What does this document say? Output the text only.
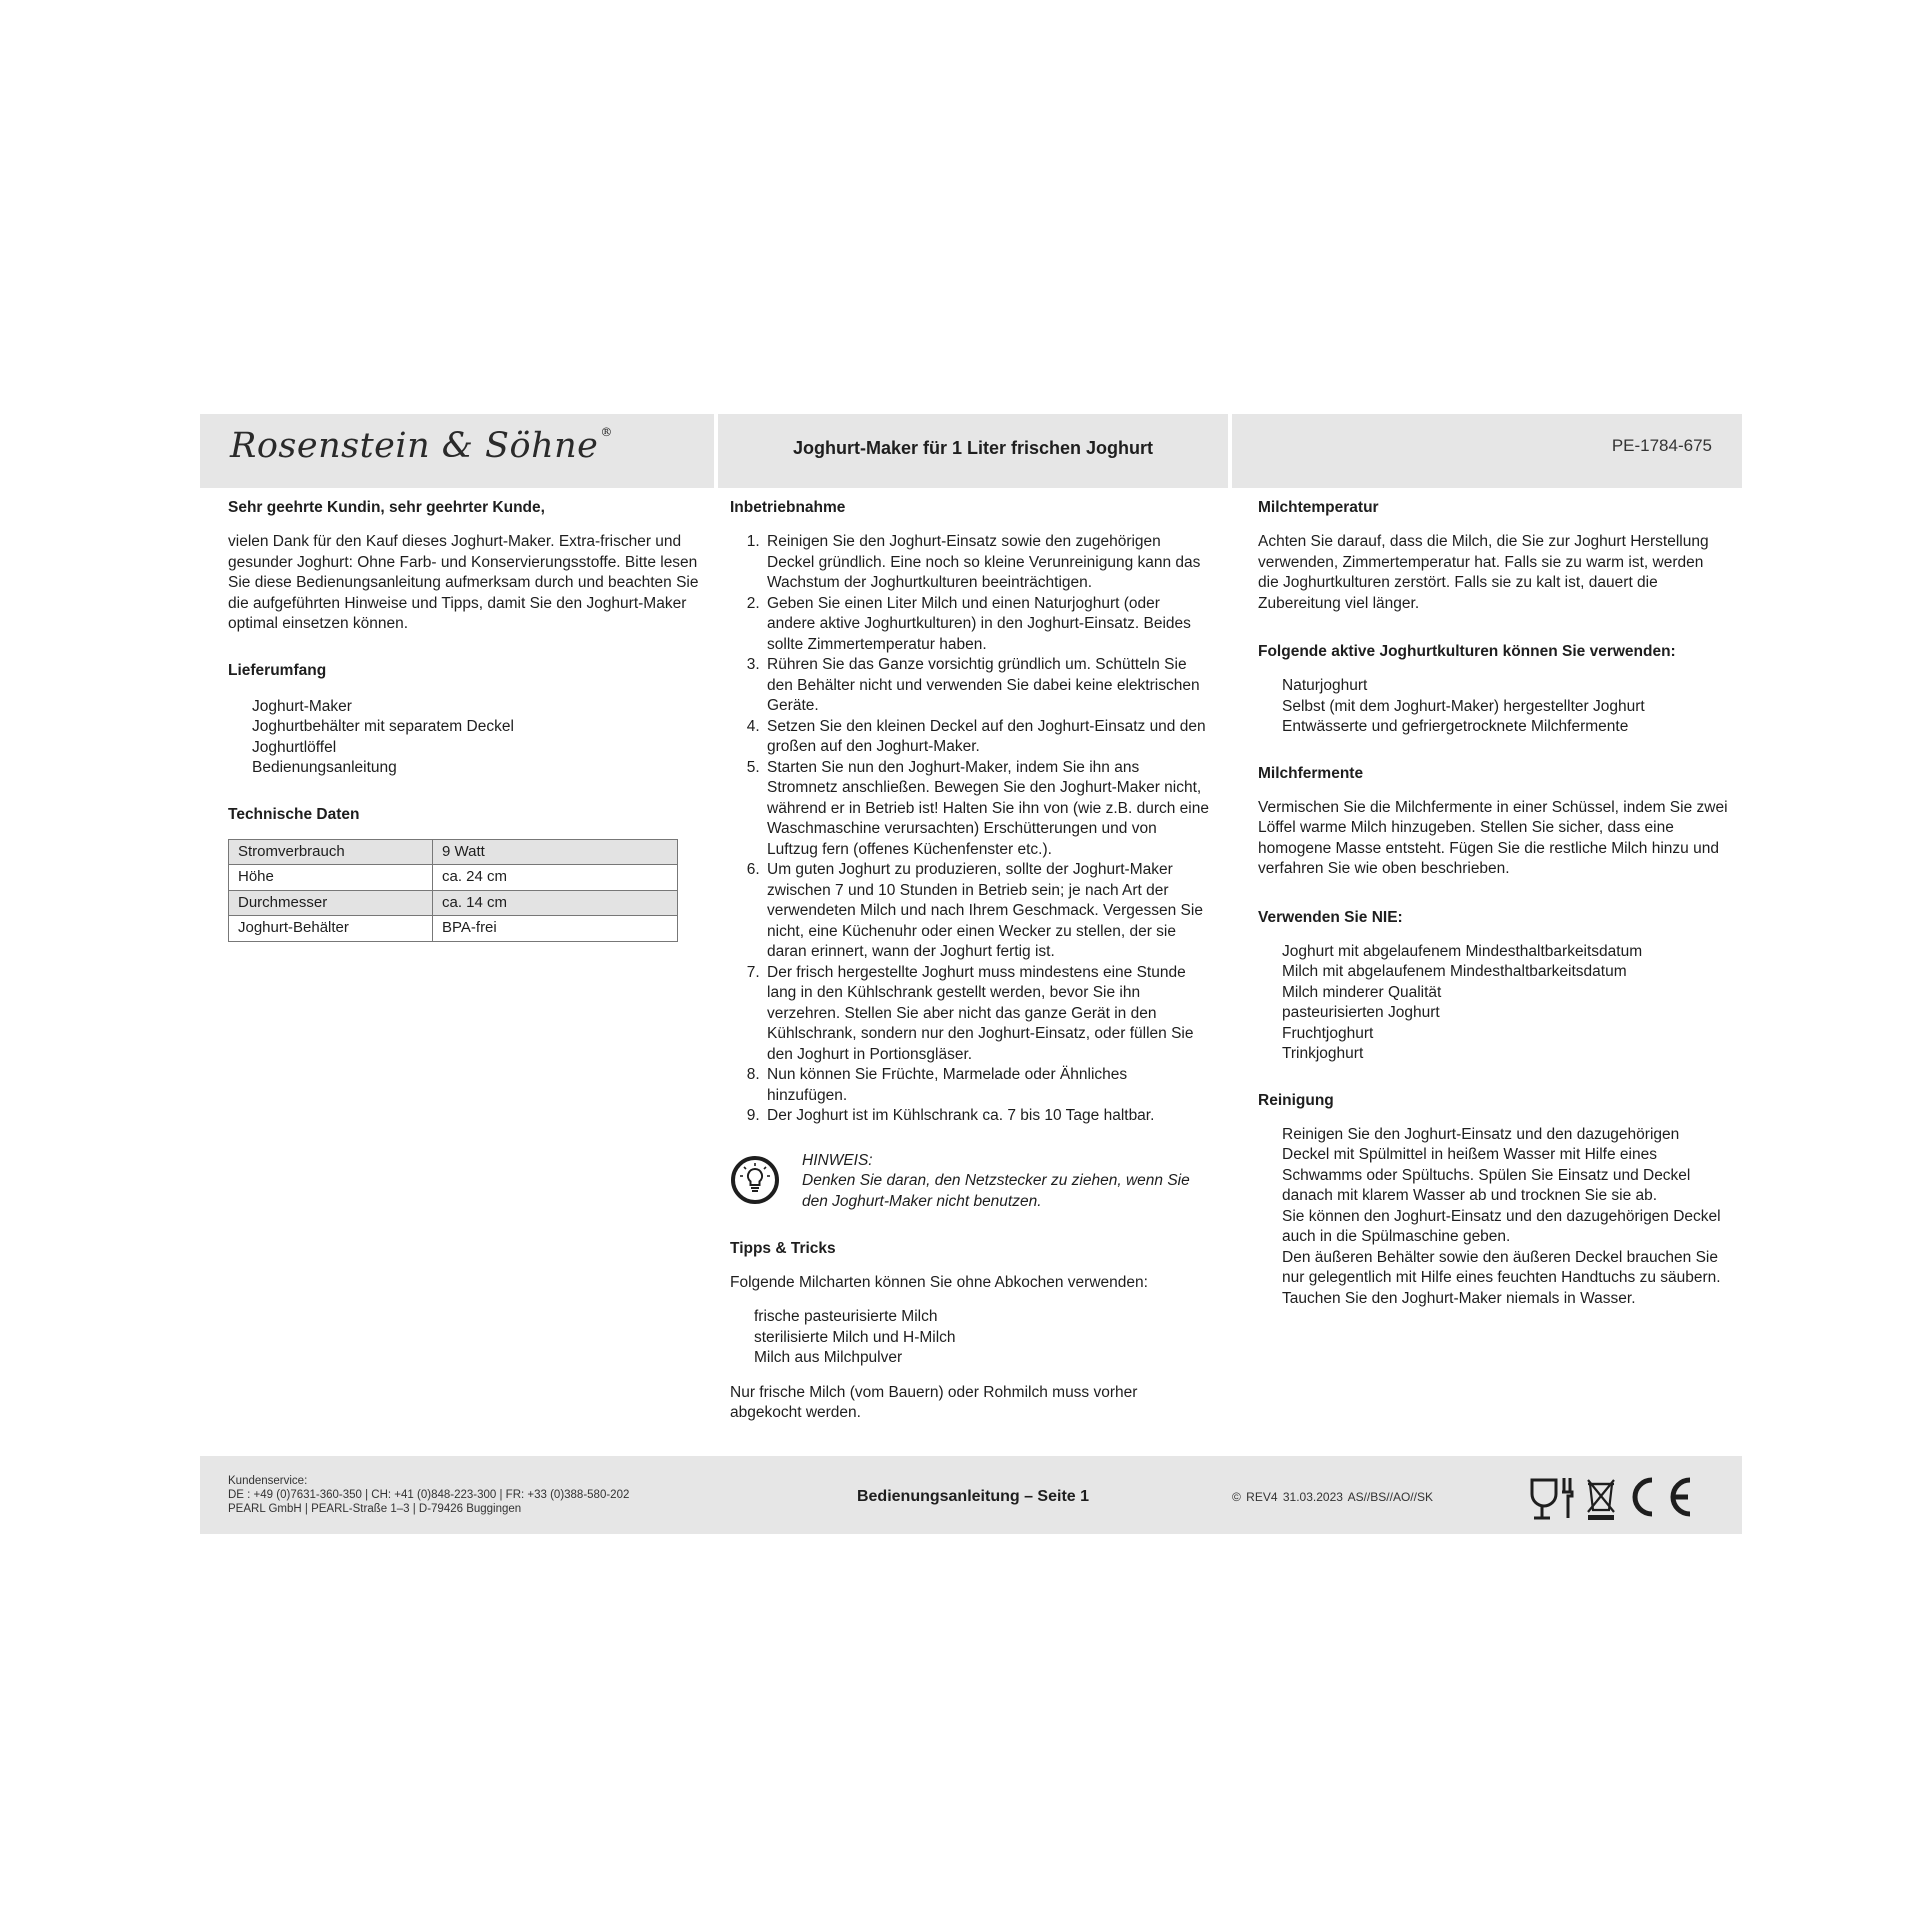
Rosenstein & Söhne ®
Joghurt-Maker für 1 Liter frischen Joghurt	PE-1784-675
Sehr geehrte Kundin, sehr geehrter Kunde,

vielen Dank für den Kauf dieses Joghurt-Maker. Extra-frischer und gesunder Joghurt: Ohne Farb- und Konservierungsstoffe. Bitte lesen Sie diese Bedienungsanleitung aufmerksam durch und beachten Sie die aufgeführten Hinweise und Tipps, damit Sie den Joghurt-Maker optimal einsetzen können.

Lieferumfang
Joghurt-Maker
Joghurtbehälter mit separatem Deckel
Joghurtlöffel
Bedienungsanleitung
Technische Daten
Stromverbrauch	9 Watt
Höhe	ca. 24 cm
Durchmesser	ca. 14 cm
Joghurt-Behälter	BPA-frei
Inbetriebnahme
1. Reinigen Sie den Joghurt-Einsatz sowie den zugehörigen Deckel gründlich. Eine noch so kleine Verunreinigung kann das Wachstum der Joghurtkulturen beeinträchtigen.
2. Geben Sie einen Liter Milch und einen Naturjoghurt (oder andere aktive Joghurtkulturen) in den Joghurt-Einsatz. Beides sollte Zimmertemperatur haben.
3. Rühren Sie das Ganze vorsichtig gründlich um. Schütteln Sie den Behälter nicht und verwenden Sie dabei keine elektrischen Geräte.
4. Setzen Sie den kleinen Deckel auf den Joghurt-Einsatz und den großen auf den Joghurt-Maker.
5. Starten Sie nun den Joghurt-Maker, indem Sie ihn ans Stromnetz anschließen. Bewegen Sie den Joghurt-Maker nicht, während er in Betrieb ist! Halten Sie ihn von (wie z.B. durch eine Waschmaschine verursachten) Erschütterungen und von Luftzug fern (offenes Küchenfenster etc.).
6. Um guten Joghurt zu produzieren, sollte der Joghurt-Maker zwischen 7 und 10 Stunden in Betrieb sein; je nach Art der verwendeten Milch und nach Ihrem Geschmack. Vergessen Sie nicht, eine Küchenuhr oder einen Wecker zu stellen, der sie daran erinnert, wann der Joghurt fertig ist.
7. Der frisch hergestellte Joghurt muss mindestens eine Stunde lang in den Kühlschrank gestellt werden, bevor Sie ihn verzehren. Stellen Sie aber nicht das ganze Gerät in den Kühlschrank, sondern nur den Joghurt-Einsatz, oder füllen Sie den Joghurt in Portionsgläser.
8. Nun können Sie Früchte, Marmelade oder Ähnliches hinzufügen.
9. Der Joghurt ist im Kühlschrank ca. 7 bis 10 Tage haltbar.
HINWEIS:
Denken Sie daran, den Netzstecker zu ziehen, wenn Sie den Joghurt-Maker nicht benutzen.
Tipps & Tricks

Folgende Milcharten können Sie ohne Abkochen verwenden:

frische pasteurisierte Milch
sterilisierte Milch und H-Milch
Milch aus Milchpulver

Nur frische Milch (vom Bauern) oder Rohmilch muss vorher abgekocht werden.

Milchtemperatur

Achten Sie darauf, dass die Milch, die Sie zur Joghurt Herstellung verwenden, Zimmertemperatur hat. Falls sie zu warm ist, werden die Joghurtkulturen zerstört. Falls sie zu kalt ist, dauert die Zubereitung viel länger.

Folgende aktive Joghurtkulturen können Sie verwenden:
Naturjoghurt
Selbst (mit dem Joghurt-Maker) hergestellter Joghurt
Entwässerte und gefriergetrocknete Milchfermente
Milchfermente

Vermischen Sie die Milchfermente in einer Schüssel, indem Sie zwei Löffel warme Milch hinzugeben. Stellen Sie sicher, dass eine homogene Masse entsteht. Fügen Sie die restliche Milch hinzu und verfahren Sie wie oben beschrieben.

Verwenden Sie NIE:
Joghurt mit abgelaufenem Mindesthaltbarkeitsdatum
Milch mit abgelaufenem Mindesthaltbarkeitsdatum
Milch minderer Qualität
pasteurisierten Joghurt
Fruchtjoghurt
Trinkjoghurt
Reinigung
Reinigen Sie den Joghurt-Einsatz und den dazugehörigen Deckel mit Spülmittel in heißem Wasser mit Hilfe eines Schwamms oder Spültuchs. Spülen Sie Einsatz und Deckel danach mit klarem Wasser ab und trocknen Sie sie ab.
Sie können den Joghurt-Einsatz und den dazugehörigen Deckel auch in die Spülmaschine geben.
Den äußeren Behälter sowie den äußeren Deckel brauchen Sie nur gelegentlich mit Hilfe eines feuchten Handtuchs zu säubern. Tauchen Sie den Joghurt-Maker niemals in Wasser.
Kundenservice:
DE : +49 (0)7631-360-350 | CH: +41 (0)848-223-300 | FR: +33 (0)388-580-202
PEARL GmbH | PEARL-Straße 1–3 | D-79426 Buggingen
Bedienungsanleitung – Seite 1	© REV4 31.03.2023 AS//BS//AO//SK
